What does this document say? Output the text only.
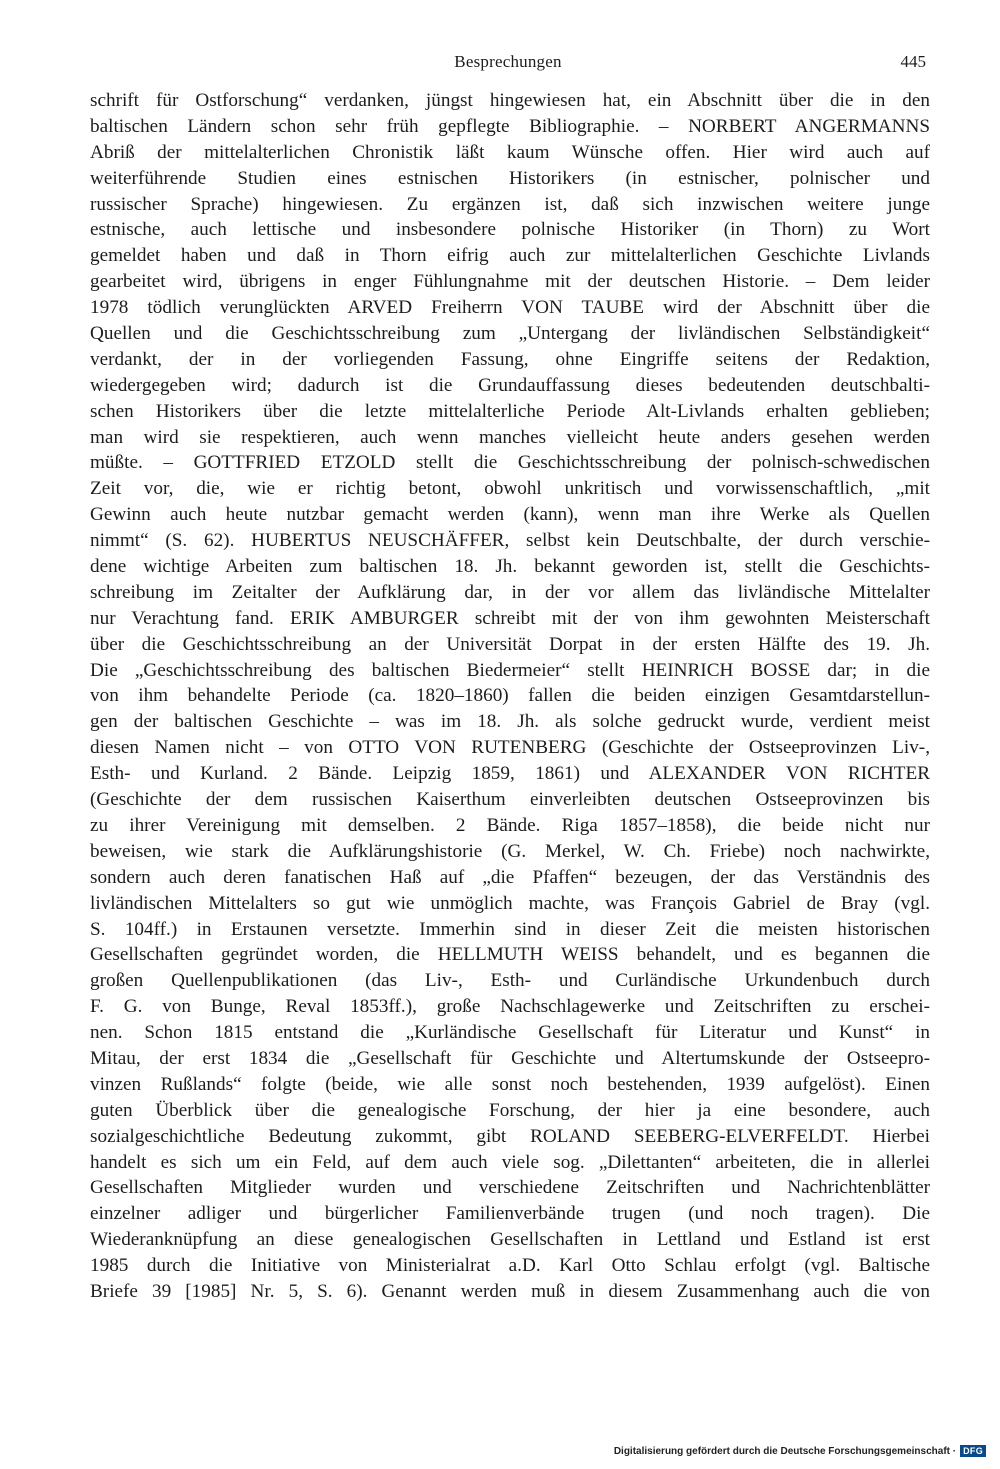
Besprechungen	445
schrift für Ostforschung“ verdanken, jüngst hingewiesen hat, ein Abschnitt über die in den
baltischen Ländern schon sehr früh gepflegte Bibliographie. – NORBERT ANGERMANNS
Abriß der mittelalterlichen Chronistik läßt kaum Wünsche offen. Hier wird auch auf
weiterführende Studien eines estnischen Historikers (in estnischer, polnischer und
russischer Sprache) hingewiesen. Zu ergänzen ist, daß sich inzwischen weitere junge
estnische, auch lettische und insbesondere polnische Historiker (in Thorn) zu Wort
gemeldet haben und daß in Thorn eifrig auch zur mittelalterlichen Geschichte Livlands
gearbeitet wird, übrigens in enger Fühlungnahme mit der deutschen Historie. – Dem leider
1978 tödlich verunglückten ARVED Freiherrn VON TAUBE wird der Abschnitt über die
Quellen und die Geschichtsschreibung zum „Untergang der livländischen Selbständigkeit“
verdankt, der in der vorliegenden Fassung, ohne Eingriffe seitens der Redaktion,
wiedergegeben wird; dadurch ist die Grundauffassung dieses bedeutenden deutschbalti-
schen Historikers über die letzte mittelalterliche Periode Alt-Livlands erhalten geblieben;
man wird sie respektieren, auch wenn manches vielleicht heute anders gesehen werden
müßte. – GOTTFRIED ETZOLD stellt die Geschichtsschreibung der polnisch-schwedischen
Zeit vor, die, wie er richtig betont, obwohl unkritisch und vorwissenschaftlich, „mit
Gewinn auch heute nutzbar gemacht werden (kann), wenn man ihre Werke als Quellen
nimmt“ (S. 62). HUBERTUS NEUSCHÄFFER, selbst kein Deutschbalte, der durch verschie-
dene wichtige Arbeiten zum baltischen 18. Jh. bekannt geworden ist, stellt die Geschichts-
schreibung im Zeitalter der Aufklärung dar, in der vor allem das livländische Mittelalter
nur Verachtung fand. ERIK AMBURGER schreibt mit der von ihm gewohnten Meisterschaft
über die Geschichtsschreibung an der Universität Dorpat in der ersten Hälfte des 19. Jh.
Die „Geschichtsschreibung des baltischen Biedermeier“ stellt HEINRICH BOSSE dar; in die
von ihm behandelte Periode (ca. 1820–1860) fallen die beiden einzigen Gesamtdarstellun-
gen der baltischen Geschichte – was im 18. Jh. als solche gedruckt wurde, verdient meist
diesen Namen nicht – von OTTO VON RUTENBERG (Geschichte der Ostseeprovinzen Liv-,
Esth- und Kurland. 2 Bände. Leipzig 1859, 1861) und ALEXANDER VON RICHTER
(Geschichte der dem russischen Kaiserthum einverleibten deutschen Ostseeprovinzen bis
zu ihrer Vereinigung mit demselben. 2 Bände. Riga 1857–1858), die beide nicht nur
beweisen, wie stark die Aufklärungshistorie (G. Merkel, W. Ch. Friebe) noch nachwirkte,
sondern auch deren fanatischen Haß auf „die Pfaffen“ bezeugen, der das Verständnis des
livländischen Mittelalters so gut wie unmöglich machte, was François Gabriel de Bray (vgl.
S. 104ff.) in Erstaunen versetzte. Immerhin sind in dieser Zeit die meisten historischen
Gesellschaften gegründet worden, die HELLMUTH WEISS behandelt, und es begannen die
großen Quellenpublikationen (das Liv-, Esth- und Curländische Urkundenbuch durch
F. G. von Bunge, Reval 1853ff.), große Nachschlagewerke und Zeitschriften zu erschei-
nen. Schon 1815 entstand die „Kurländische Gesellschaft für Literatur und Kunst“ in
Mitau, der erst 1834 die „Gesellschaft für Geschichte und Altertumskunde der Ostseepro-
vinzen Rußlands“ folgte (beide, wie alle sonst noch bestehenden, 1939 aufgelöst). Einen
guten Überblick über die genealogische Forschung, der hier ja eine besondere, auch
sozialgeschichtliche Bedeutung zukommt, gibt ROLAND SEEBERG-ELVERFELDT. Hierbei
handelt es sich um ein Feld, auf dem auch viele sog. „Dilettanten“ arbeiteten, die in allerlei
Gesellschaften Mitglieder wurden und verschiedene Zeitschriften und Nachrichtenblätter
einzelner adliger und bürgerlicher Familienverbände trugen (und noch tragen). Die
Wiederanknüpfung an diese genealogischen Gesellschaften in Lettland und Estland ist erst
1985 durch die Initiative von Ministerialrat a.D. Karl Otto Schlau erfolgt (vgl. Baltische
Briefe 39 [1985] Nr. 5, S. 6). Genannt werden muß in diesem Zusammenhang auch die von
Digitalisierung gefördert durch die Deutsche Forschungsgemeinschaft · DFG
